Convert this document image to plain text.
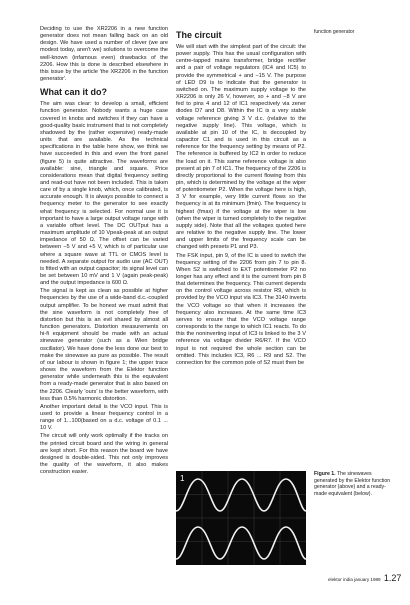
function generator

Deciding to use the XR2206 in a new function generator does not mean falling back on an old design. We have used a number of clever (we are modest today, aren't we) solutions to overcome the well-known (infamous even) drawbacks of the 2206. How this is done is described elsewhere in this issue by the article 'the XR2206 in the function generator'.

What can it do?

The aim was clear: to develop a small, efficient function generator. Nobody wants a huge case covered in knobs and switches if they can have a good-quality basic instrument that is not completely shadowed by the (rather expensive) ready-made units that are available. As the technical specifications in the table here show, we think we have succeeded in this and even the front panel (figure 5) is quite attractive. The waveforms are available: sine, triangle and square. Price considerations mean that digital frequency setting and read-out have not been included. This is taken care of by a single knob, which, once calibrated, is accurate enough. It is always possible to connect a frequency meter to the generator to see exactly what frequency is selected. For normal use it is important to have a large output voltage range with a variable offset level. The DC OUTput has a maximum amplitude of 10 Vpeak-peak at an output impedance of 50 Ω. The offset can be varied between −5 V and +5 V, which is of particular use where a square wave at TTL or CMOS level is needed. A separate output for audio use (AC OUT) is fitted with an output capacitor; its signal level can be set between 10 mV and 1 V (again peak-peak) and the output impedance is 600 Ω.

The signal is kept as clean as possible at higher frequencies by the use of a wide-band d.c.-coupled output amplifier. To be honest we must admit that the sine waveform is not completely free of distortion but this is an evil shared by almost all function generators. Distortion measurements on hi-fi equipment should be made with an actual sinewave generator (such as a Wien bridge oscillator). We have done the less done our best to make the sinewave as pure as possible. The result of our labour is shown in figure 1; the upper trace shows the waveform from the Elektor function generator while underneath this is the equivalent from a ready-made generator that is also based on the 2206. Clearly 'ours' is the better waveform, with less than 0.5% harmonic distortion.

Another important detail is the VCO input. This is used to provide a linear frequency control in a range of 1...100(based on a d.c. voltage of 0.1 ... 10 V.

The circuit will only work optimally if the tracks on the printed circuit board and the wiring in general are kept short. For this reason the board we have designed is double-sided. This not only improves the quality of the waveform, it also makes construction easier.

The circuit

We will start with the simplest part of the circuit: the power supply. This has the usual configuration with centre-tapped mains transformer, bridge rectifier and a pair of voltage regulators (IC4 and IC5) to provide the symmetrical + and −15 V. The purpose of LED D9 is to indicate that the generator is switched on. The maximum supply voltage to the XR2206 is only 26 V, however, so + and −8 V are fed to pins 4 and 12 of IC1 respectively via zener diodes D7 and D8. Within the IC is a very stable voltage reference giving 3 V d.c. (relative to the negative supply line). This voltage, which is available at pin 10 of the IC, is decoupled by capacitor C1 and is used in this circuit as a reference for the frequency setting by means of P2. The reference is buffered by IC2 in order to reduce the load on it. This same reference voltage is also present at pin 7 of IC1. The frequency of the 2206 is directly proportional to the current flowing from this pin, which is determined by the voltage at the wiper of potentiometer P2. When the voltage here is high, 3 V for example, very little current flows so the frequency is at its minimum (fmin). The frequency is highest (fmax) if the voltage at the wiper is low (when the wiper is turned completely to the negative supply side). Note that all the voltages quoted here are relative to the negative supply line. The lower and upper limits of the frequency scale can be changed with presets P1 and P3.

The FSK input, pin 9, of the IC is used to switch the frequency setting of the 2206 from pin 7 to pin 8. When S2 is switched to EXT potentiometer P2 no longer has any effect and it is the current from pin 8 that determines the frequency. This current depends on the control voltage across resistor R9, which is provided by the VCO input via IC3. The 3140 inverts the VCO voltage so that when it increases the frequency also increases. At the same time IC3 serves to ensure that the VCO voltage range corresponds to the range to which IC1 reacts. To do this the noninverting input of IC3 is linked to the 3 V reference via voltage divider R6/R7. If the VCO input is not required the whole section can be omitted. This includes IC3, R6 ... R9 and S2. The connection for the common pole of S2 must then be

1	Figure 1. The sinewaves generated by the Elektor function generator (above) and a ready-made equivalent (below).
elektor india january 1989 1.27
